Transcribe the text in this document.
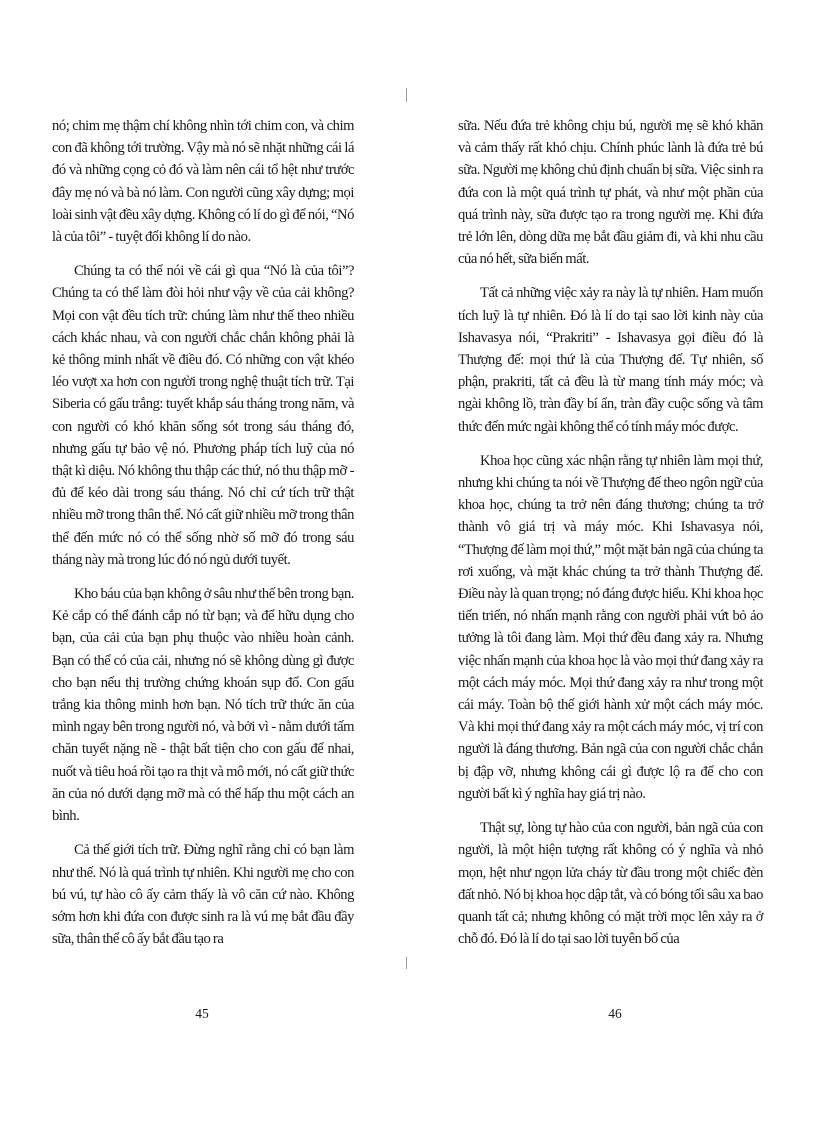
nó; chim mẹ thậm chí không nhìn tới chim con, và chim con đã không tới trường. Vậy mà nó sẽ nhặt những cái lá đó và những cọng cỏ đó và làm nên cái tổ hệt như trước đây mẹ nó và bà nó làm. Con người cũng xây dựng; mọi loài sinh vật đều xây dựng. Không có lí do gì để nói, “Nó là của tôi” - tuyệt đối không lí do nào.

Chúng ta có thể nói về cái gì qua “Nó là của tôi”? Chúng ta có thể làm đòi hỏi như vậy về của cải không? Mọi con vật đều tích trữ: chúng làm như thế theo nhiều cách khác nhau, và con người chắc chắn không phải là kẻ thông minh nhất về điều đó. Có những con vật khéo léo vượt xa hơn con người trong nghệ thuật tích trữ. Tại Siberia có gấu trắng: tuyết khắp sáu tháng trong năm, và con người có khó khăn sống sót trong sáu tháng đó, nhưng gấu tự bảo vệ nó. Phương pháp tích luỹ của nó thật kì diệu. Nó không thu thập các thứ, nó thu thập mỡ - đủ để kéo dài trong sáu tháng. Nó chỉ cứ tích trữ thật nhiều mỡ trong thân thể. Nó cất giữ nhiều mỡ trong thân thể đến mức nó có thể sống nhờ số mỡ đó trong sáu tháng này mà trong lúc đó nó ngủ dưới tuyết.

Kho báu của bạn không ở sâu như thế bên trong bạn. Kẻ cắp có thể đánh cắp nó từ bạn; và để hữu dụng cho bạn, của cải của bạn phụ thuộc vào nhiều hoàn cảnh. Bạn có thể có của cải, nhưng nó sẽ không dùng gì được cho bạn nếu thị trường chứng khoán sụp đổ. Con gấu trắng kia thông minh hơn bạn. Nó tích trữ thức ăn của mình ngay bên trong người nó, và bởi vì - nằm dưới tấm chăn tuyết nặng nề - thật bất tiện cho con gấu để nhai, nuốt và tiêu hoá rồi tạo ra thịt và mô mới, nó cất giữ thức ăn của nó dưới dạng mỡ mà có thể hấp thu một cách an bình.

Cả thế giới tích trữ. Đừng nghĩ rằng chỉ có bạn làm như thế. Nó là quá trình tự nhiên. Khi người mẹ cho con bú vú, tự hào cô ấy cảm thấy là vô căn cứ nào. Không sớm hơn khi đứa con được sinh ra là vú mẹ bắt đầu đầy sữa, thân thể cô ấy bắt đầu tạo ra

sữa. Nếu đứa trẻ không chịu bú, người mẹ sẽ khó khăn và cảm thấy rất khó chịu. Chính phúc lành là đứa trẻ bú sữa. Người mẹ không chủ định chuẩn bị sữa. Việc sinh ra đứa con là một quá trình tự phát, và như một phần của quá trình này, sữa được tạo ra trong người mẹ. Khi đứa trẻ lớn lên, dòng dữa mẹ bắt đầu giảm đi, và khi nhu cầu của nó hết, sữa biến mất.

Tất cả những việc xảy ra này là tự nhiên. Ham muốn tích luỹ là tự nhiên. Đó là lí do tại sao lời kinh này của Ishavasya nói, “Prakriti” - Ishavasya gọi điều đó là Thượng đế: mọi thứ là của Thượng đế. Tự nhiên, số phận, prakriti, tất cả đều là từ mang tính máy móc; và ngài không lồ, tràn đầy bí ẩn, tràn đầy cuộc sống và tâm thức đến mức ngài không thể có tính máy móc được.

Khoa học cũng xác nhận rằng tự nhiên làm mọi thứ, nhưng khi chúng ta nói về Thượng đế theo ngôn ngữ của khoa học, chúng ta trở nên đáng thương; chúng ta trở thành vô giá trị và máy móc. Khi Ishavasya nói, “Thượng đế làm mọi thứ,” một mặt bản ngã của chúng ta rơi xuống, và mặt khác chúng ta trở thành Thượng đế. Điều này là quan trọng; nó đáng được hiểu. Khi khoa học tiến triển, nó nhấn mạnh rằng con người phải vứt bỏ ảo tưởng là tôi đang làm. Mọi thứ đều đang xảy ra. Nhưng việc nhấn mạnh của khoa học là vào mọi thứ đang xảy ra một cách máy móc. Mọi thứ đang xảy ra như trong một cái máy. Toàn bộ thế giới hành xử một cách máy móc. Và khi mọi thứ đang xảy ra một cách máy móc, vị trí con người là đáng thương. Bản ngã của con người chắc chắn bị đập vỡ, nhưng không cái gì được lộ ra để cho con người bất kì ý nghĩa hay giá trị nào.

Thật sự, lòng tự hào của con người, bản ngã của con người, là một hiện tượng rất không có ý nghĩa và nhỏ mọn, hệt như ngọn lửa cháy từ đầu trong một chiếc đèn đất nhỏ. Nó bị khoa học dập tắt, và có bóng tối sâu xa bao quanh tất cả; nhưng không có mặt trời mọc lên xảy ra ở chỗ đó. Đó là lí do tại sao lời tuyên bố của

45	46
